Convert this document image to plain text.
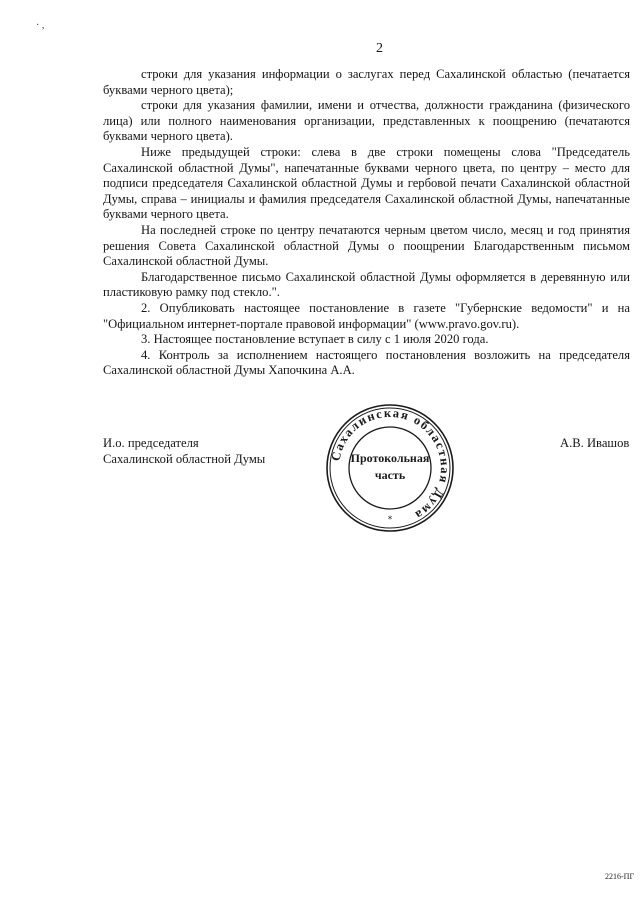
· ,
2

строки для указания информации о заслугах перед Сахалинской областью (печатается буквами черного цвета);

строки для указания фамилии, имени и отчества, должности гражданина (физического лица) или полного наименования организации, представленных к поощрению (печатаются буквами черного цвета).

Ниже предыдущей строки: слева в две строки помещены слова "Председатель Сахалинской областной Думы", напечатанные буквами черного цвета, по центру – место для подписи председателя Сахалинской областной Думы и гербовой печати Сахалинской областной Думы, справа – инициалы и фамилия председателя Сахалинской областной Думы, напечатанные буквами черного цвета.

На последней строке по центру печатаются черным цветом число, месяц и год принятия решения Совета Сахалинской областной Думы о поощрении Благодарственным письмом Сахалинской областной Думы.

Благодарственное письмо Сахалинской областной Думы оформляется в деревянную или пластиковую рамку под стекло.".

2. Опубликовать настоящее постановление в газете "Губернские ведомости" и на "Официальном интернет-портале правовой информации" (www.pravo.gov.ru).

3. Настоящее постановление вступает в силу с 1 июля 2020 года.

4. Контроль за исполнением настоящего постановления возложить на председателя Сахалинской областной Думы Хапочкина А.А.

И.о. председателя
Сахалинской областной Думы	Сахалинская областная Дума
Протокольная
часть
*
А.В. Ивашов
2216-ПГ
